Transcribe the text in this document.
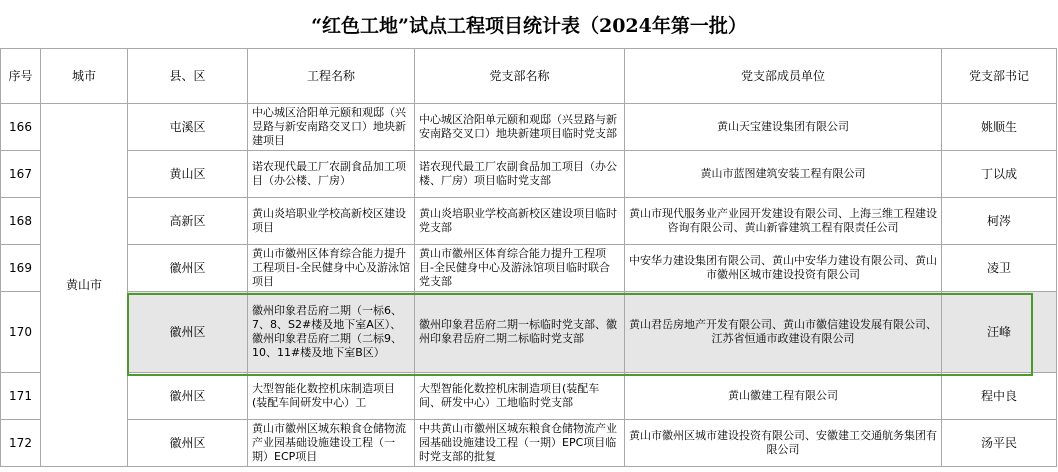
“红色工地”试点工程项目统计表（2024年第一批）
序号	城市	县、区	工程名称	党支部名称	党支部成员单位	党支部书记
166	黄山市	屯溪区	中心城区洽阳单元颐和观邸（兴昱路与新安南路交叉口）地块新建项目	中心城区洽阳单元颐和观邸（兴昱路与新安南路交叉口）地块新建项目临时党支部	黄山天宝建设集团有限公司	姚顺生
167		黄山区	诺农现代最工厂农副食品加工项目（办公楼、厂房）	诺农现代最工厂农副食品加工项目（办公楼、厂房）项目临时党支部	黄山市蓝图建筑安装工程有限公司	丁以成
168		高新区	黄山炎培职业学校高新校区建设项目	黄山炎培职业学校高新校区建设项目临时党支部	黄山市现代服务业产业园开发建设有限公司、上海三维工程建设咨询有限公司、黄山新睿建筑工程有限责任公司	柯涔
169		徽州区	黄山市徽州区体育综合能力提升工程项目-全民健身中心及游泳馆项目	黄山市徽州区体育综合能力提升工程项目-全民健身中心及游泳馆项目临时联合党支部	中安华力建设集团有限公司、黄山中安华力建设有限公司、黄山市徽州区城市建设投资有限公司	凌卫
170		徽州区	徽州印象君岳府二期（一标6、7、8、S2#楼及地下室A区）、徽州印象君岳府二期（二标9、10、11#楼及地下室B区）	徽州印象君岳府二期一标临时党支部、徽州印象君岳府二期二标临时党支部	黄山君岳房地产开发有限公司、黄山市徽信建设发展有限公司、江苏省恒通市政建设有限公司	汪峰
171		徽州区	大型智能化数控机床制造项目(装配车间研发中心）工	大型智能化数控机床制造项目(装配车间、研发中心）工地临时党支部	黄山徽建工程有限公司	程中良
172		徽州区	黄山市徽州区城东粮食仓储物流产业园基础设施建设工程（一期）ECP项目	中共黄山市徽州区城东粮食仓储物流产业园基础设施建设工程（一期）EPC项目临时党支部的批复	黄山市徽州区城市建设投资有限公司、安徽建工交通航务集团有限公司	汤平民
